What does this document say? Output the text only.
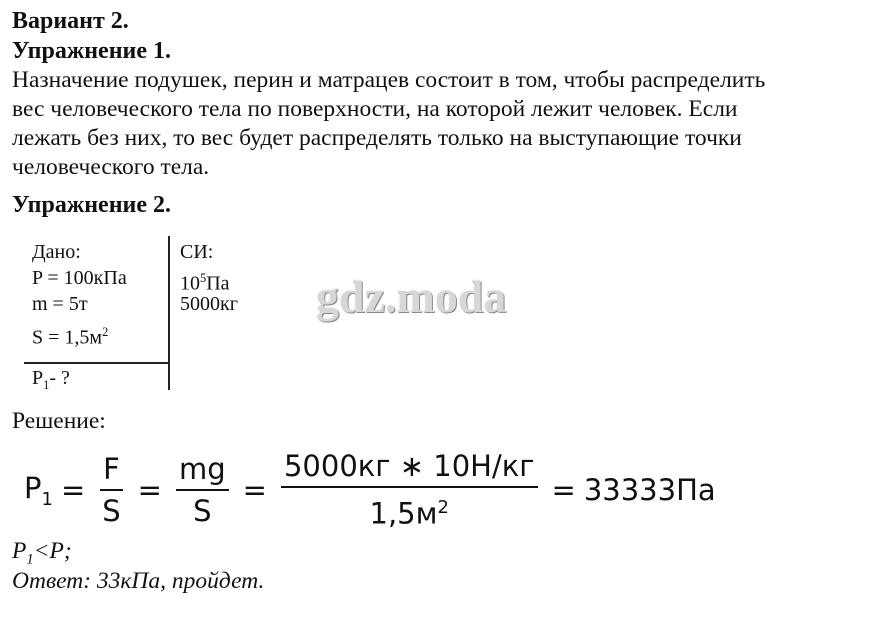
Вариант 2.
Упражнение 1.
Назначение подушек, перин и матрацев состоит в том, чтобы распределить
вес человеческого тела по поверхности, на которой лежит человек. Если
лежать без них, то вес будет распределять только на выступающие точки
человеческого тела.
Упражнение 2.
Дано:
P = 100кПа
m = 5т
$S = 1,5м^2$
$P_1-$ ?
СИ:
$10^5Па$
5000кг gdz.moda
Решение:
$P_1 = \frac{F}{S} = \frac{mg}{S} = \frac{5000кг ∗ 10Н/кг}{1,5м^2} = 33333Па$
$P_1<P$;
Ответ: 33кПа, пройдет.
